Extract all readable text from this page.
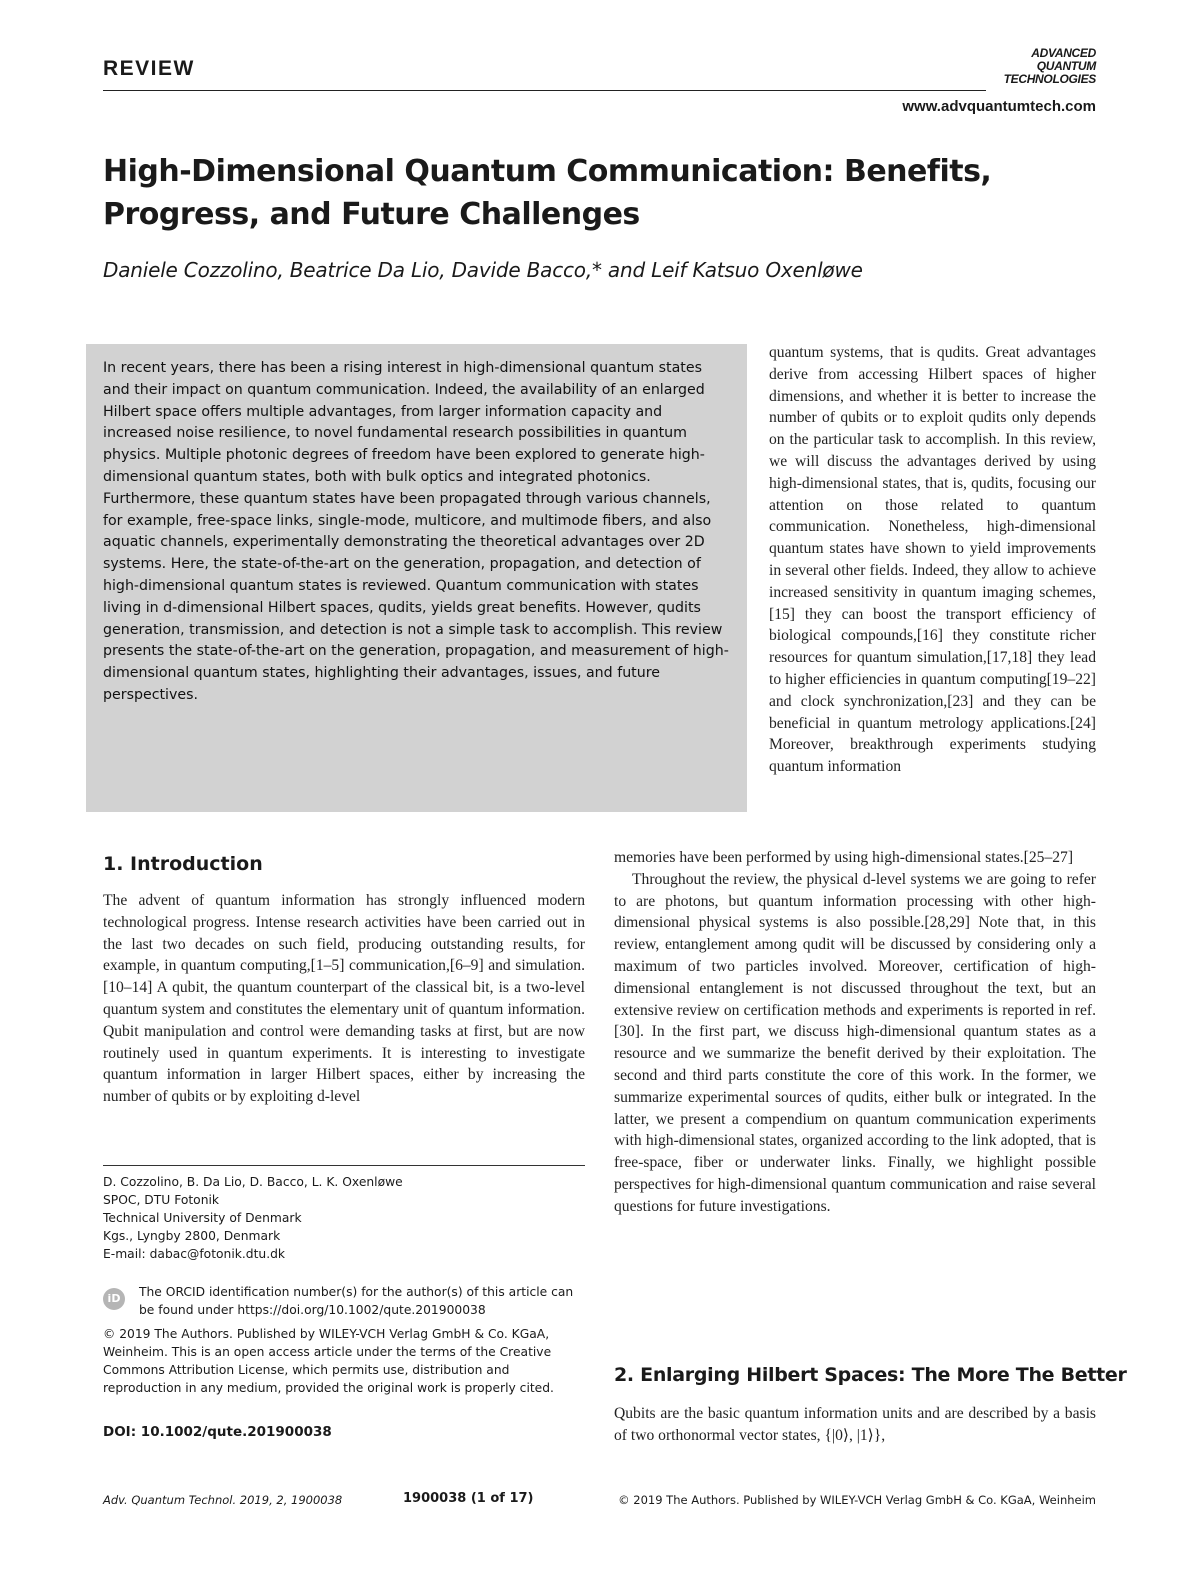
REVIEW
ADVANCED
QUANTUM
TECHNOLOGIES
www.advquantumtech.com
High-Dimensional Quantum Communication: Benefits, Progress, and Future Challenges
Daniele Cozzolino, Beatrice Da Lio, Davide Bacco,* and Leif Katsuo Oxenløwe

In recent years, there has been a rising interest in high-dimensional quantum states and their impact on quantum communication. Indeed, the availability of an enlarged Hilbert space offers multiple advantages, from larger information capacity and increased noise resilience, to novel fundamental research possibilities in quantum physics. Multiple photonic degrees of freedom have been explored to generate high-dimensional quantum states, both with bulk optics and integrated photonics. Furthermore, these quantum states have been propagated through various channels, for example, free-space links, single-mode, multicore, and multimode fibers, and also aquatic channels, experimentally demonstrating the theoretical advantages over 2D systems. Here, the state-of-the-art on the generation, propagation, and detection of high-dimensional quantum states is reviewed. Quantum communication with states living in d-dimensional Hilbert spaces, qudits, yields great benefits. However, qudits generation, transmission, and detection is not a simple task to accomplish. This review presents the state-of-the-art on the generation, propagation, and measurement of high-dimensional quantum states, highlighting their advantages, issues, and future perspectives.

quantum systems, that is qudits. Great advantages derive from accessing Hilbert spaces of higher dimensions, and whether it is better to increase the number of qubits or to exploit qudits only depends on the particular task to accomplish. In this review, we will discuss the advantages derived by using high-dimensional states, that is, qudits, focusing our attention on those related to quantum communication. Nonetheless, high-dimensional quantum states have shown to yield improvements in several other fields. Indeed, they allow to achieve increased sensitivity in quantum imaging schemes,[15] they can boost the transport efficiency of biological compounds,[16] they constitute richer resources for quantum simulation,[17,18] they lead to higher efficiencies in quantum computing[19–22] and clock synchronization,[23] and they can be beneficial in quantum metrology applications.[24] Moreover, breakthrough experiments studying quantum information

1. Introduction

The advent of quantum information has strongly influenced modern technological progress. Intense research activities have been carried out in the last two decades on such field, producing outstanding results, for example, in quantum computing,[1–5] communication,[6–9] and simulation.[10–14] A qubit, the quantum counterpart of the classical bit, is a two-level quantum system and constitutes the elementary unit of quantum information. Qubit manipulation and control were demanding tasks at first, but are now routinely used in quantum experiments. It is interesting to investigate quantum information in larger Hilbert spaces, either by increasing the number of qubits or by exploiting d-level

memories have been performed by using high-dimensional states.[25–27]

Throughout the review, the physical d-level systems we are going to refer to are photons, but quantum information processing with other high-dimensional physical systems is also possible.[28,29] Note that, in this review, entanglement among qudit will be discussed by considering only a maximum of two particles involved. Moreover, certification of high-dimensional entanglement is not discussed throughout the text, but an extensive review on certification methods and experiments is reported in ref. [30]. In the first part, we discuss high-dimensional quantum states as a resource and we summarize the benefit derived by their exploitation. The second and third parts constitute the core of this work. In the former, we summarize experimental sources of qudits, either bulk or integrated. In the latter, we present a compendium on quantum communication experiments with high-dimensional states, organized according to the link adopted, that is free-space, fiber or underwater links. Finally, we highlight possible perspectives for high-dimensional quantum communication and raise several questions for future investigations.

2. Enlarging Hilbert Spaces: The More The Better

Qubits are the basic quantum information units and are described by a basis of two orthonormal vector states, {|0⟩, |1⟩},

D. Cozzolino, B. Da Lio, D. Bacco, L. K. Oxenløwe
SPOC, DTU Fotonik
Technical University of Denmark
Kgs., Lyngby 2800, Denmark
E-mail: dabac@fotonik.dtu.dk
iD	The ORCID identification number(s) for the author(s) of this article can be found under https://doi.org/10.1002/qute.201900038
© 2019 The Authors. Published by WILEY-VCH Verlag GmbH & Co. KGaA, Weinheim. This is an open access article under the terms of the Creative Commons Attribution License, which permits use, distribution and reproduction in any medium, provided the original work is properly cited.
DOI: 10.1002/qute.201900038
Adv. Quantum Technol. 2019, 2, 1900038	1900038 (1 of 17)	© 2019 The Authors. Published by WILEY-VCH Verlag GmbH & Co. KGaA, Weinheim
